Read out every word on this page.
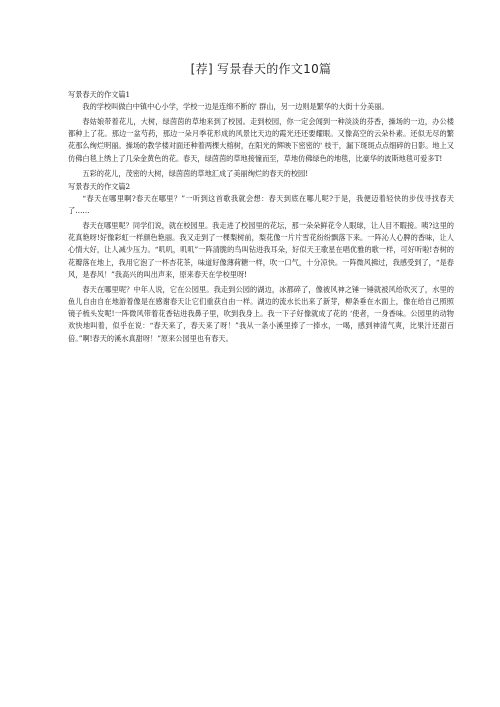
[荐] 写景春天的作文10篇

写景春天的作文篇1

我的学校叫做白中镇中心小学，学校一边是连绵不断的' 群山，另一边则是繁华的大街十分美丽。

春姑娘带着花儿，大树，绿茵茵的草地来到了校园。走到校园，你一定会闻到一种淡淡的芬香，操场的一边，办公楼都种上了花。那边一盆芍药，那边一朵月季花形成的风景比天边的霞光还还要耀眼。又像高空的云朵朴素。还似无尽的繁花那么绚烂明丽。操场的教学楼对面还种着两棵大榕树，在阳光的辉映下密密的' 枝干，漏下斑斑点点细碎的日影。地上又仿佛白毯上绣上了几朵金黄色的花。春天，绿茵茵的草地接憧而至，草地仿佛绿色的地毯，比豪华的波斯地毯可爱多T!

五彩的花儿，茂密的大树，绿茵茵的草地汇成了美丽绚烂的春天的校园!

写景春天的作文篇2

“春天在哪里啊?春天在哪里？”一听到这首歌我就会想：春天到底在哪儿呢?于是，我便迈着轻快的步伐寻找春天了……

春天在哪里呢？同学们说，就在校园里。我走进了校园里的花坛，那一朵朵鲜花令人眼球，让人目不暇接。咦?这里的花真艳呀!好像彩虹一样颜色艳丽。我又走到了一棵梨树前，梨花像一片片雪花纷纷飘落下来。一阵沁人心脾的香味，让人心情大好，让人减少压力。“叽叽，叽叽”一阵清脆的鸟叫钻进我耳朵，好似天王歌星在唱优雅的歌一样，可好听啦!杏树的花瓣落在地上，我用它泡了一杯杏花茶，味道好像薄荷糖一样，吹一口气，十分凉快。一阵微风拂过，我感受到了，“是春风，是春风！”我高兴的叫出声来，原来春天在学校里呀!

春天在哪里呢？中年人说，它在公园里。我走到公园的湖边，冰都碎了，像被风神之锤一锤就被风给吹灭了，水里的鱼儿自由自在地游着像是在感谢春天让它们重获自由一样。湖边的流水长出来了新芽，柳条垂在水面上，像在给自己照照镜子梳头发呢!一阵微风带着花香钻进我鼻子里，吹到我身上。我一下子好像就成了花的 ‘使者，一身香味。公园里的动物欢快地叫着，似乎在说：“春天来了，春天来了呀！”我从一条小溪里捧了一捧水，一喝，感到神清气爽，比果汁还甜百倍。”啊!春天的溪水真甜呀！”原来公园里也有春天。
